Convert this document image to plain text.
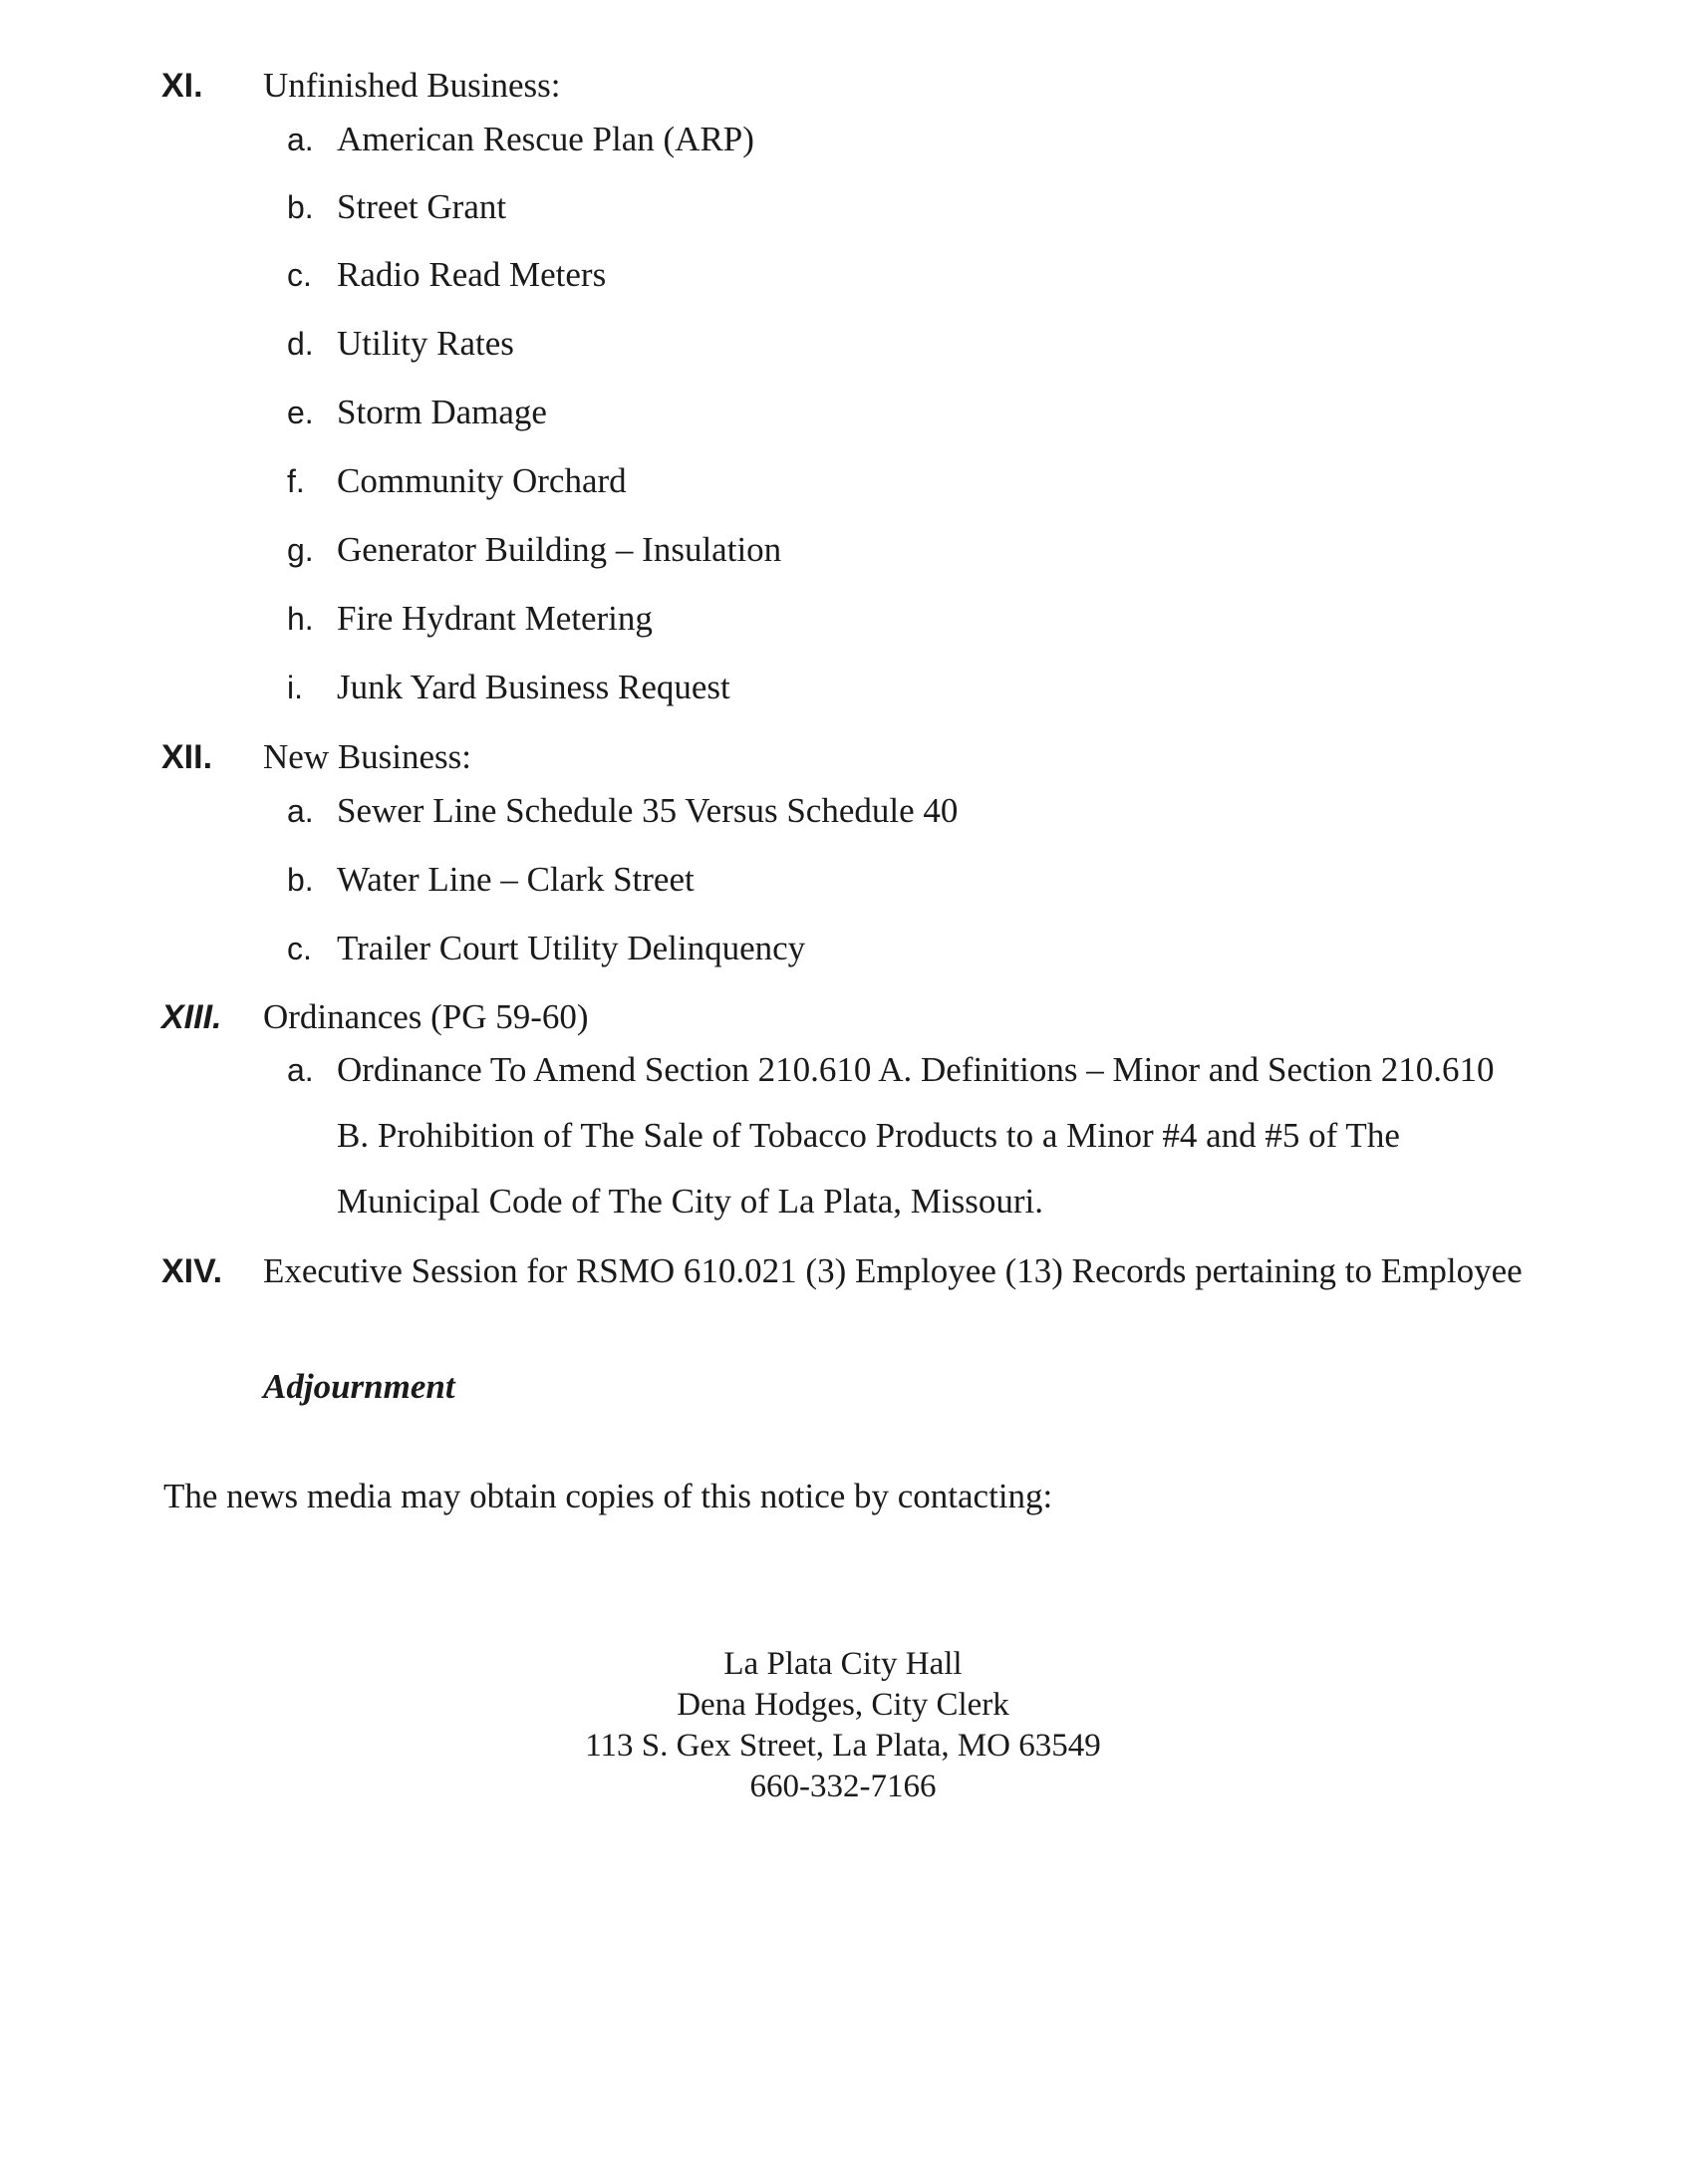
XI. Unfinished Business:
a. American Rescue Plan (ARP)
b. Street Grant
c. Radio Read Meters
d. Utility Rates
e. Storm Damage
f. Community Orchard
g. Generator Building – Insulation
h. Fire Hydrant Metering
i. Junk Yard Business Request
XII. New Business:
a. Sewer Line Schedule 35 Versus Schedule 40
b. Water Line – Clark Street
c. Trailer Court Utility Delinquency
XIII. Ordinances (PG 59-60)
a. Ordinance To Amend Section 210.610 A. Definitions – Minor and Section 210.610
B. Prohibition of The Sale of Tobacco Products to a Minor #4 and #5 of The
Municipal Code of The City of La Plata, Missouri.
XIV. Executive Session for RSMO 610.021 (3) Employee (13) Records pertaining to Employee
Adjournment
The news media may obtain copies of this notice by contacting:
La Plata City Hall
Dena Hodges, City Clerk
113 S. Gex Street, La Plata, MO 63549
660-332-7166
